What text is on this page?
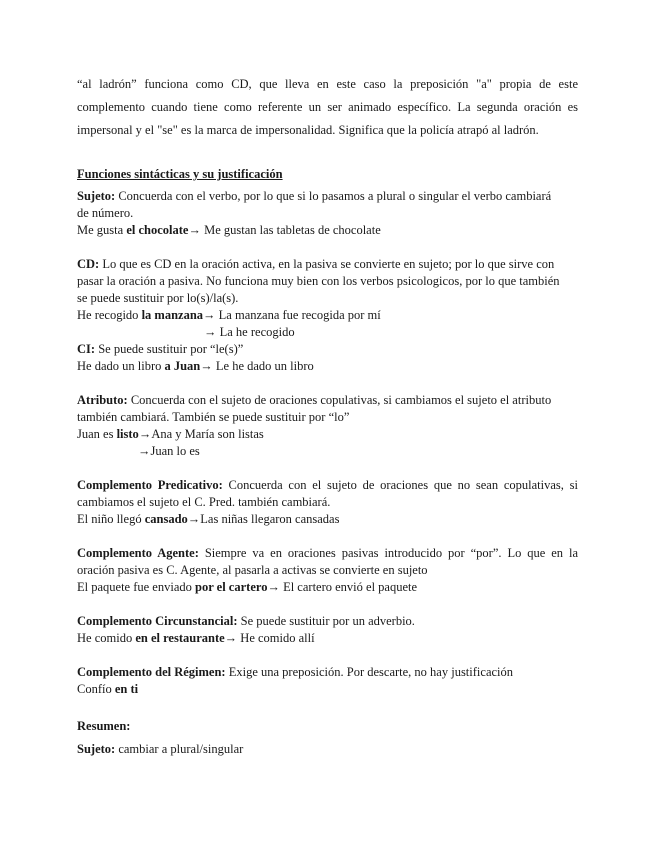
“al ladrón” funciona como CD, que lleva en este caso la preposición "a" propia de este
complemento cuando tiene como referente un ser animado específico. La segunda oración es
impersonal y el "se" es la marca de impersonalidad. Significa que la policía atrapó al ladrón.
Funciones sintácticas y su justificación
Sujeto: Concuerda con el verbo, por lo que si lo pasamos a plural o singular el verbo cambiará
de número.
Me gusta el chocolate→ Me gustan las tabletas de chocolate
CD: Lo que es CD en la oración activa, en la pasiva se convierte en sujeto; por lo que sirve con
pasar la oración a pasiva. No funciona muy bien con los verbos psicologicos, por lo que también
se puede sustituir por lo(s)/la(s).
He recogido la manzana→ La manzana fue recogida por mí
→ La he recogido
CI: Se puede sustituir por “le(s)”
He dado un libro a Juan→ Le he dado un libro
Atributo: Concuerda con el sujeto de oraciones copulativas, si cambiamos el sujeto el atributo
también cambiará. También se puede sustituir por “lo”
Juan es listo→Ana y María son listas
→Juan lo es
Complemento Predicativo: Concuerda con el sujeto de oraciones que no sean copulativas, si
cambiamos el sujeto el C. Pred. también cambiará.
El niño llegó cansado→Las niñas llegaron cansadas
Complemento Agente: Siempre va en oraciones pasivas introducido por “por”. Lo que en la
oración pasiva es C. Agente, al pasarla a activas se convierte en sujeto
El paquete fue enviado por el cartero→ El cartero envió el paquete
Complemento Circunstancial: Se puede sustituir por un adverbio.
He comido en el restaurante→ He comido allí
Complemento del Régimen: Exige una preposición. Por descarte, no hay justificación
Confío en ti
Resumen:
Sujeto: cambiar a plural/singular
